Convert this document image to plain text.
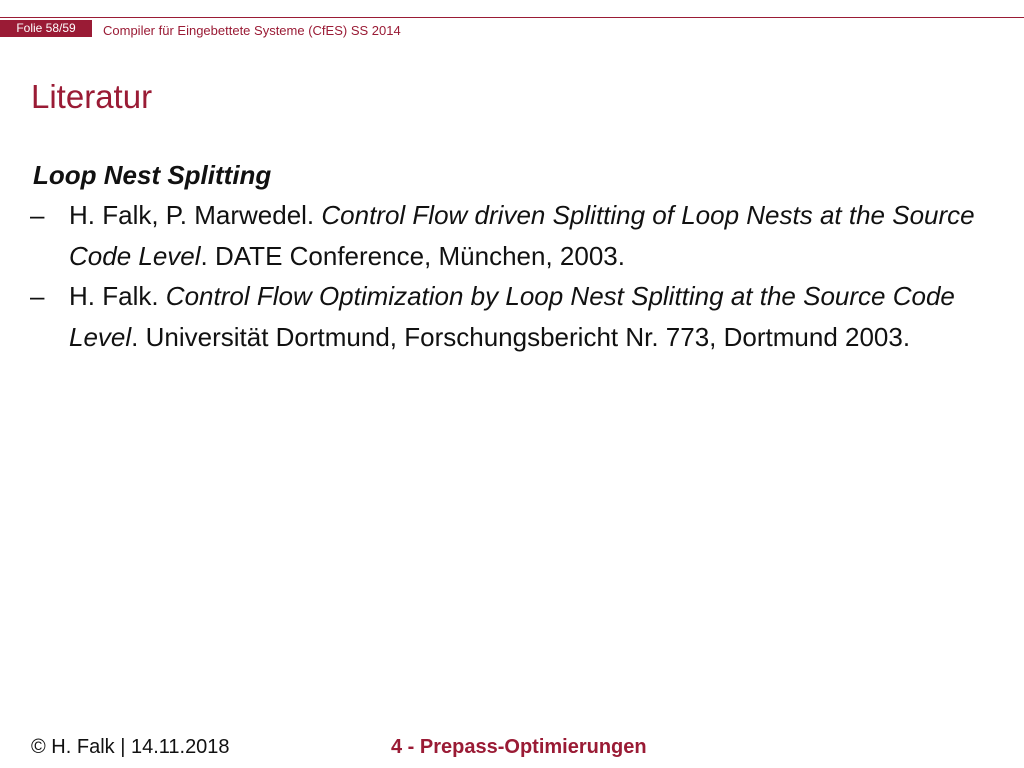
Folie 58/59	Compiler für Eingebettete Systeme (CfES) SS 2014
Literatur
Loop Nest Splitting
– H. Falk, P. Marwedel. Control Flow driven Splitting of Loop Nests at the Source Code Level. DATE Conference, München, 2003.
– H. Falk. Control Flow Optimization by Loop Nest Splitting at the Source Code Level. Universität Dortmund, Forschungsbericht Nr. 773, Dortmund 2003.
© H. Falk | 14.11.2018	4 - Prepass-Optimierungen
